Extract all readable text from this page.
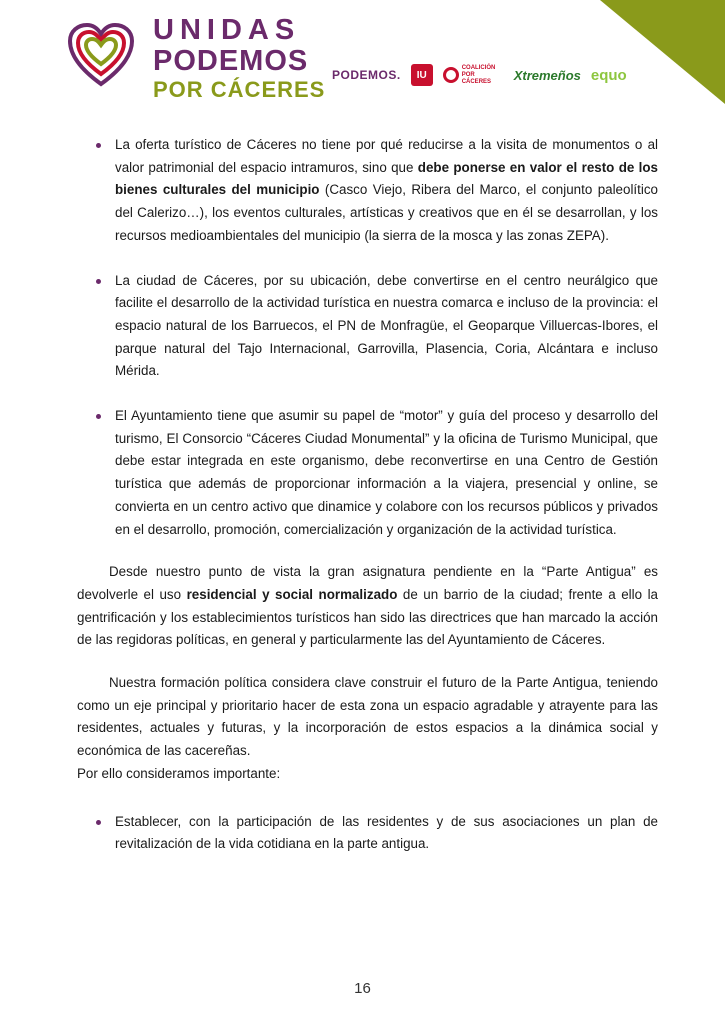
UNIDAS
PODEMOS
POR CÁCERES
PODEMOS.	IU
COALICIÓN POR CÁCERES	Xtremeños equo
La oferta turístico de Cáceres no tiene por qué reducirse a la visita de monumentos o al valor patrimonial del espacio intramuros, sino que debe ponerse en valor el resto de los bienes culturales del municipio (Casco Viejo, Ribera del Marco, el conjunto paleolítico del Calerizo…), los eventos culturales, artísticas y creativos que en él se desarrollan, y los recursos medioambientales del municipio (la sierra de la mosca y las zonas ZEPA).
La ciudad de Cáceres, por su ubicación, debe convertirse en el centro neurálgico que facilite el desarrollo de la actividad turística en nuestra comarca e incluso de la provincia: el espacio natural de los Barruecos, el PN de Monfragüe, el Geoparque Villuercas-Ibores, el parque natural del Tajo Internacional, Garrovilla, Plasencia, Coria, Alcántara e incluso Mérida.
El Ayuntamiento tiene que asumir su papel de “motor” y guía del proceso y desarrollo del turismo, El Consorcio “Cáceres Ciudad Monumental” y la oficina de Turismo Municipal, que debe estar integrada en este organismo, debe reconvertirse en una Centro de Gestión turística que además de proporcionar información a la viajera, presencial y online, se convierta en un centro activo que dinamice y colabore con los recursos públicos y privados en el desarrollo, promoción, comercialización y organización de la actividad turística.
Desde nuestro punto de vista la gran asignatura pendiente en la “Parte Antigua” es devolverle el uso residencial y social normalizado de un barrio de la ciudad; frente a ello la gentrificación y los establecimientos turísticos han sido las directrices que han marcado la acción de las regidoras políticas, en general y particularmente las del Ayuntamiento de Cáceres.
Nuestra formación política considera clave construir el futuro de la Parte Antigua, teniendo como un eje principal y prioritario hacer de esta zona un espacio agradable y atrayente para las residentes, actuales y futuras, y la incorporación de estos espacios a la dinámica social y económica de las cacereñas.
Por ello consideramos importante:
Establecer, con la participación de las residentes y de sus asociaciones un plan de revitalización de la vida cotidiana en la parte antigua.
16
